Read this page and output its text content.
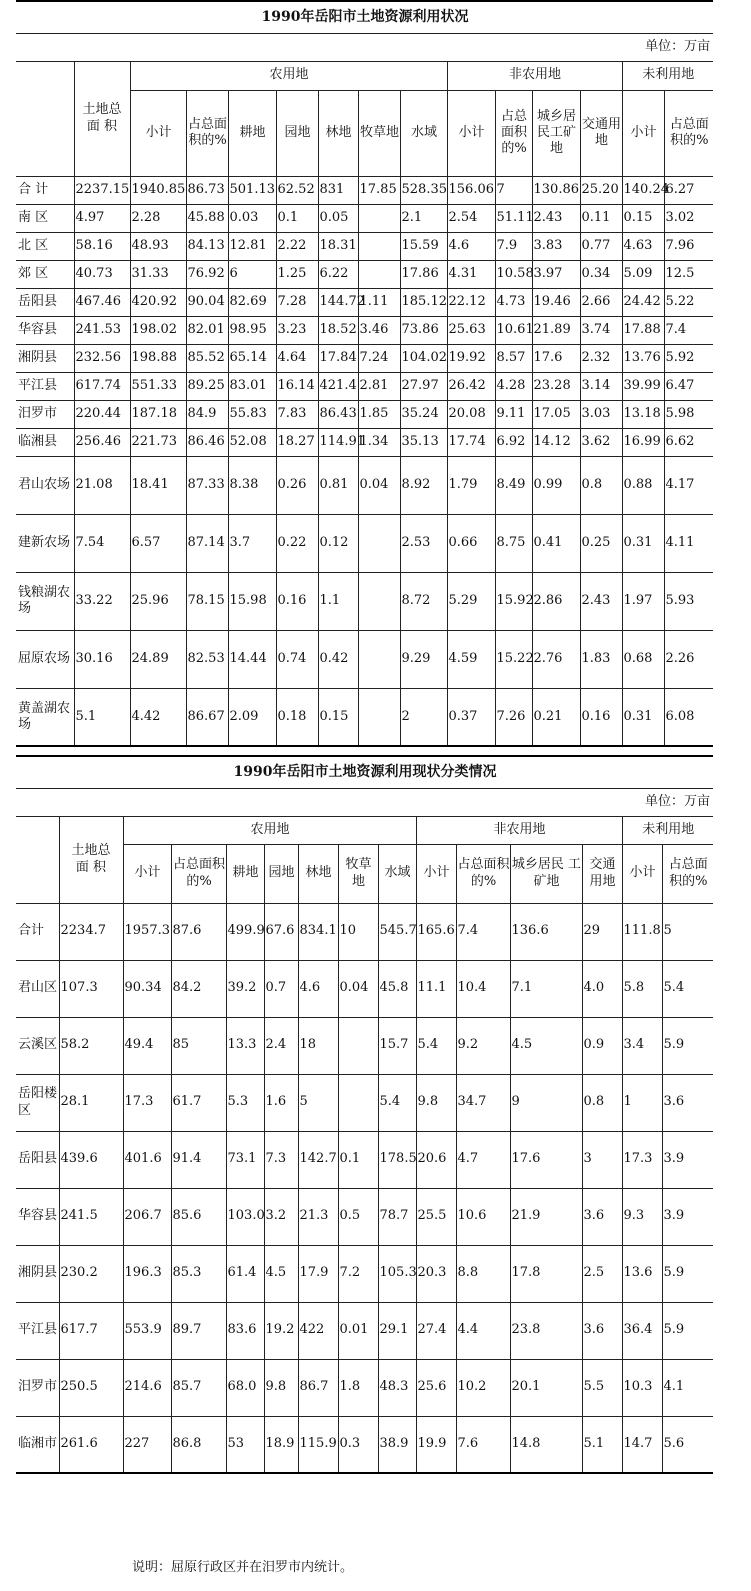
1990年岳阳市土地资源利用状况														
单位：万亩														
	土地总 面 积	农用地							非农用地				未利用地	
		小计	占总面积的%	耕地	园地	林地	牧草地	水域	小计	占总面积的%	城乡居民工矿地	交通用地	小计	占总面积的%
合 计	2237.15	1940.85	86.73	501.13	62.52	831	17.85	528.35	156.06	7	130.86	25.20	140.24	6.27
南 区	4.97	2.28	45.88	0.03	0.1	0.05		2.1	2.54	51.11	2.43	0.11	0.15	3.02
北 区	58.16	48.93	84.13	12.81	2.22	18.31		15.59	4.6	7.9	3.83	0.77	4.63	7.96
郊 区	40.73	31.33	76.92	6	1.25	6.22		17.86	4.31	10.58	3.97	0.34	5.09	12.5
岳阳县	467.46	420.92	90.04	82.69	7.28	144.72	1.11	185.12	22.12	4.73	19.46	2.66	24.42	5.22
华容县	241.53	198.02	82.01	98.95	3.23	18.52	3.46	73.86	25.63	10.61	21.89	3.74	17.88	7.4
湘阴县	232.56	198.88	85.52	65.14	4.64	17.84	7.24	104.02	19.92	8.57	17.6	2.32	13.76	5.92
平江县	617.74	551.33	89.25	83.01	16.14	421.4	2.81	27.97	26.42	4.28	23.28	3.14	39.99	6.47
汨罗市	220.44	187.18	84.9	55.83	7.83	86.43	1.85	35.24	20.08	9.11	17.05	3.03	13.18	5.98
临湘县	256.46	221.73	86.46	52.08	18.27	114.91	1.34	35.13	17.74	6.92	14.12	3.62	16.99	6.62
君山农场	21.08	18.41	87.33	8.38	0.26	0.81	0.04	8.92	1.79	8.49	0.99	0.8	0.88	4.17
建新农场	7.54	6.57	87.14	3.7	0.22	0.12		2.53	0.66	8.75	0.41	0.25	0.31	4.11
钱粮湖农场	33.22	25.96	78.15	15.98	0.16	1.1		8.72	5.29	15.92	2.86	2.43	1.97	5.93
屈原农场	30.16	24.89	82.53	14.44	0.74	0.42		9.29	4.59	15.22	2.76	1.83	0.68	2.26
黄盖湖农场	5.1	4.42	86.67	2.09	0.18	0.15		2	0.37	7.26	0.21	0.16	0.31	6.08
1990年岳阳市土地资源利用现状分类情况														
单位：万亩														
	土地总 面 积	农用地							非农用地				未利用地	
		小计	占总面积的%	耕地	园地	林地	牧草地	水域	小计	占总面积的%	城乡居民 工 矿地	交通用地	小计	占总面积的%
合计	2234.7	1957.3	87.6	499.9	67.6	834.1	10	545.7	165.6	7.4	136.6	29	111.8	5
君山区	107.3	90.34	84.2	39.2	0.7	4.6	0.04	45.8	11.1	10.4	7.1	4.0	5.8	5.4
云溪区	58.2	49.4	85	13.3	2.4	18		15.7	5.4	9.2	4.5	0.9	3.4	5.9
岳阳楼区	28.1	17.3	61.7	5.3	1.6	5		5.4	9.8	34.7	9	0.8	1	3.6
岳阳县	439.6	401.6	91.4	73.1	7.3	142.7	0.1	178.5	20.6	4.7	17.6	3	17.3	3.9
华容县	241.5	206.7	85.6	103.0	3.2	21.3	0.5	78.7	25.5	10.6	21.9	3.6	9.3	3.9
湘阴县	230.2	196.3	85.3	61.4	4.5	17.9	7.2	105.3	20.3	8.8	17.8	2.5	13.6	5.9
平江县	617.7	553.9	89.7	83.6	19.2	422	0.01	29.1	27.4	4.4	23.8	3.6	36.4	5.9
汨罗市	250.5	214.6	85.7	68.0	9.8	86.7	1.8	48.3	25.6	10.2	20.1	5.5	10.3	4.1
临湘市	261.6	227	86.8	53	18.9	115.9	0.3	38.9	19.9	7.6	14.8	5.1	14.7	5.6
说明：屈原行政区并在汨罗市内统计。
